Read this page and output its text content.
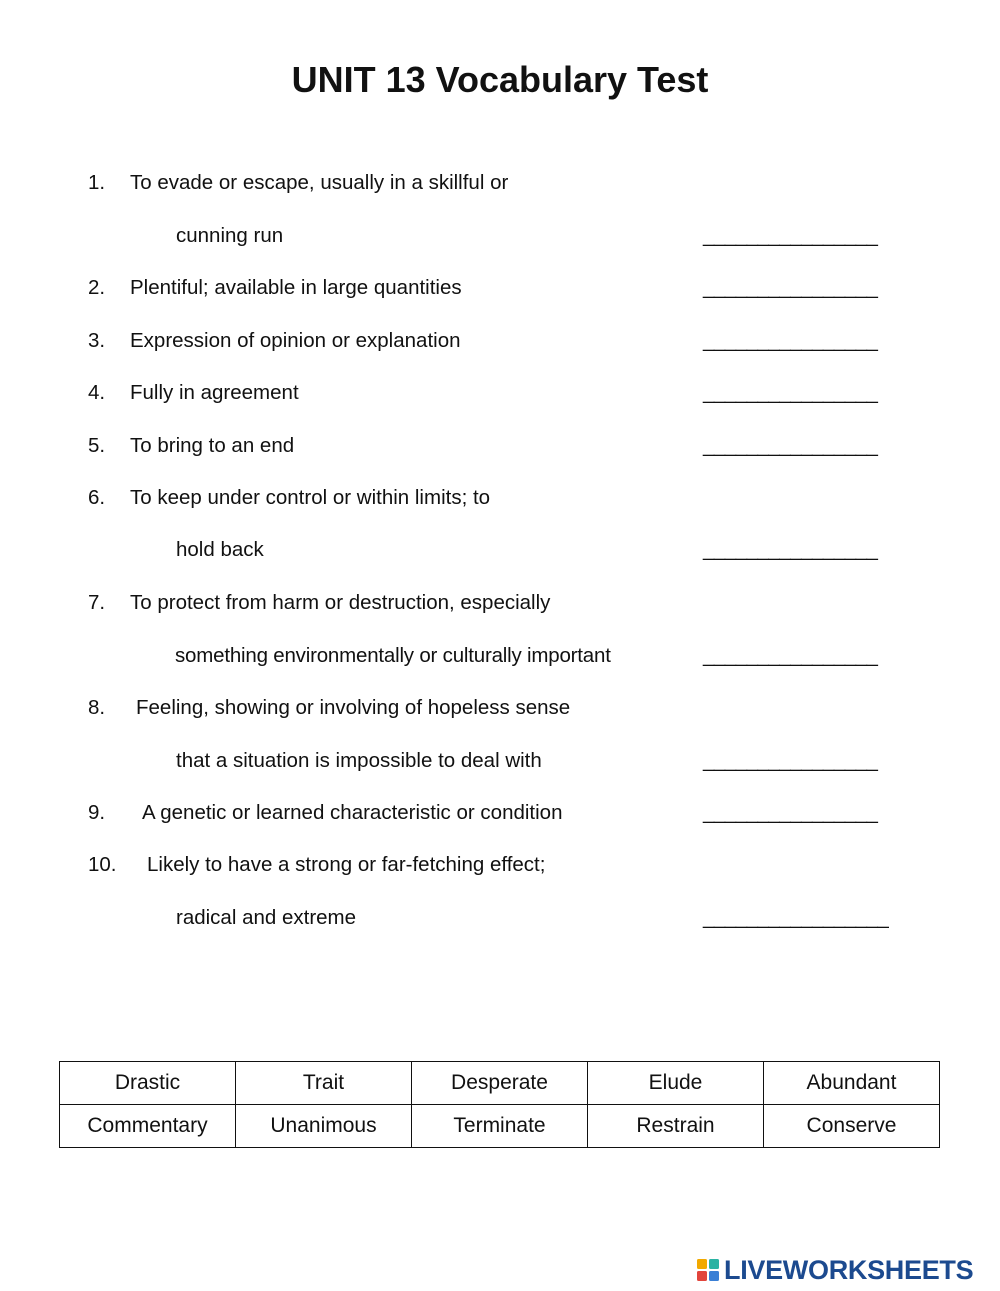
UNIT 13 Vocabulary Test
1. To evade or escape, usually in a skillful or
cunning run	________________
2. Plentiful; available in large quantities	________________
3. Expression of opinion or explanation	________________
4. Fully in agreement	________________
5. To bring to an end	________________
6. To keep under control or within limits; to
hold back	________________
7. To protect from harm or destruction, especially
something environmentally or culturally important	________________
8. Feeling, showing or involving of hopeless sense
that a situation is impossible to deal with	________________
9. A genetic or learned characteristic or condition	________________
10. Likely to have a strong or far-fetching effect;
radical and extreme	_________________
Drastic	Trait	Desperate	Elude	Abundant
Commentary	Unanimous	Terminate	Restrain	Conserve
LIVEWORKSHEETS
